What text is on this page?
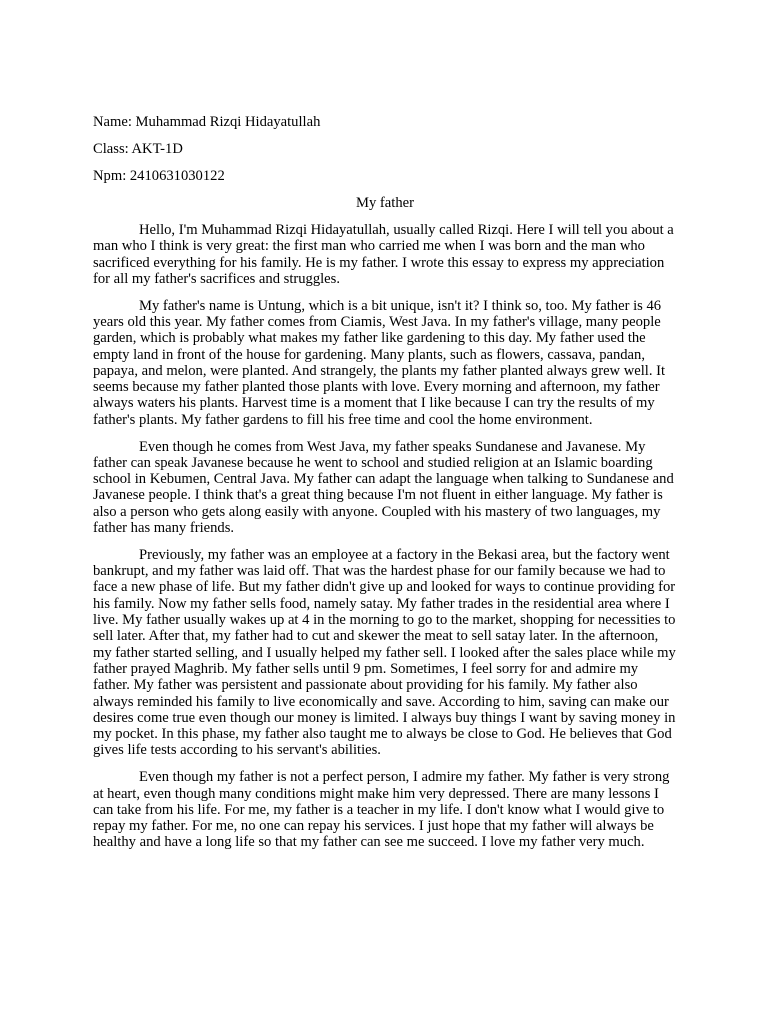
Name: Muhammad Rizqi Hidayatullah

Class: AKT-1D

Npm: 2410631030122

My father

Hello, I'm Muhammad Rizqi Hidayatullah, usually called Rizqi. Here I will tell you about a man who I think is very great: the first man who carried me when I was born and the man who sacrificed everything for his family. He is my father. I wrote this essay to express my appreciation for all my father's sacrifices and struggles.

My father's name is Untung, which is a bit unique, isn't it? I think so, too. My father is 46 years old this year. My father comes from Ciamis, West Java. In my father's village, many people garden, which is probably what makes my father like gardening to this day. My father used the empty land in front of the house for gardening. Many plants, such as flowers, cassava, pandan, papaya, and melon, were planted. And strangely, the plants my father planted always grew well. It seems because my father planted those plants with love. Every morning and afternoon, my father always waters his plants. Harvest time is a moment that I like because I can try the results of my father's plants. My father gardens to fill his free time and cool the home environment.

Even though he comes from West Java, my father speaks Sundanese and Javanese. My father can speak Javanese because he went to school and studied religion at an Islamic boarding school in Kebumen, Central Java. My father can adapt the language when talking to Sundanese and Javanese people. I think that's a great thing because I'm not fluent in either language. My father is also a person who gets along easily with anyone. Coupled with his mastery of two languages, my father has many friends.

Previously, my father was an employee at a factory in the Bekasi area, but the factory went bankrupt, and my father was laid off. That was the hardest phase for our family because we had to face a new phase of life. But my father didn't give up and looked for ways to continue providing for his family. Now my father sells food, namely satay. My father trades in the residential area where I live. My father usually wakes up at 4 in the morning to go to the market, shopping for necessities to sell later. After that, my father had to cut and skewer the meat to sell satay later. In the afternoon, my father started selling, and I usually helped my father sell. I looked after the sales place while my father prayed Maghrib. My father sells until 9 pm. Sometimes, I feel sorry for and admire my father. My father was persistent and passionate about providing for his family. My father also always reminded his family to live economically and save. According to him, saving can make our desires come true even though our money is limited. I always buy things I want by saving money in my pocket. In this phase, my father also taught me to always be close to God. He believes that God gives life tests according to his servant's abilities.

Even though my father is not a perfect person, I admire my father. My father is very strong at heart, even though many conditions might make him very depressed. There are many lessons I can take from his life. For me, my father is a teacher in my life. I don't know what I would give to repay my father. For me, no one can repay his services. I just hope that my father will always be healthy and have a long life so that my father can see me succeed. I love my father very much.
